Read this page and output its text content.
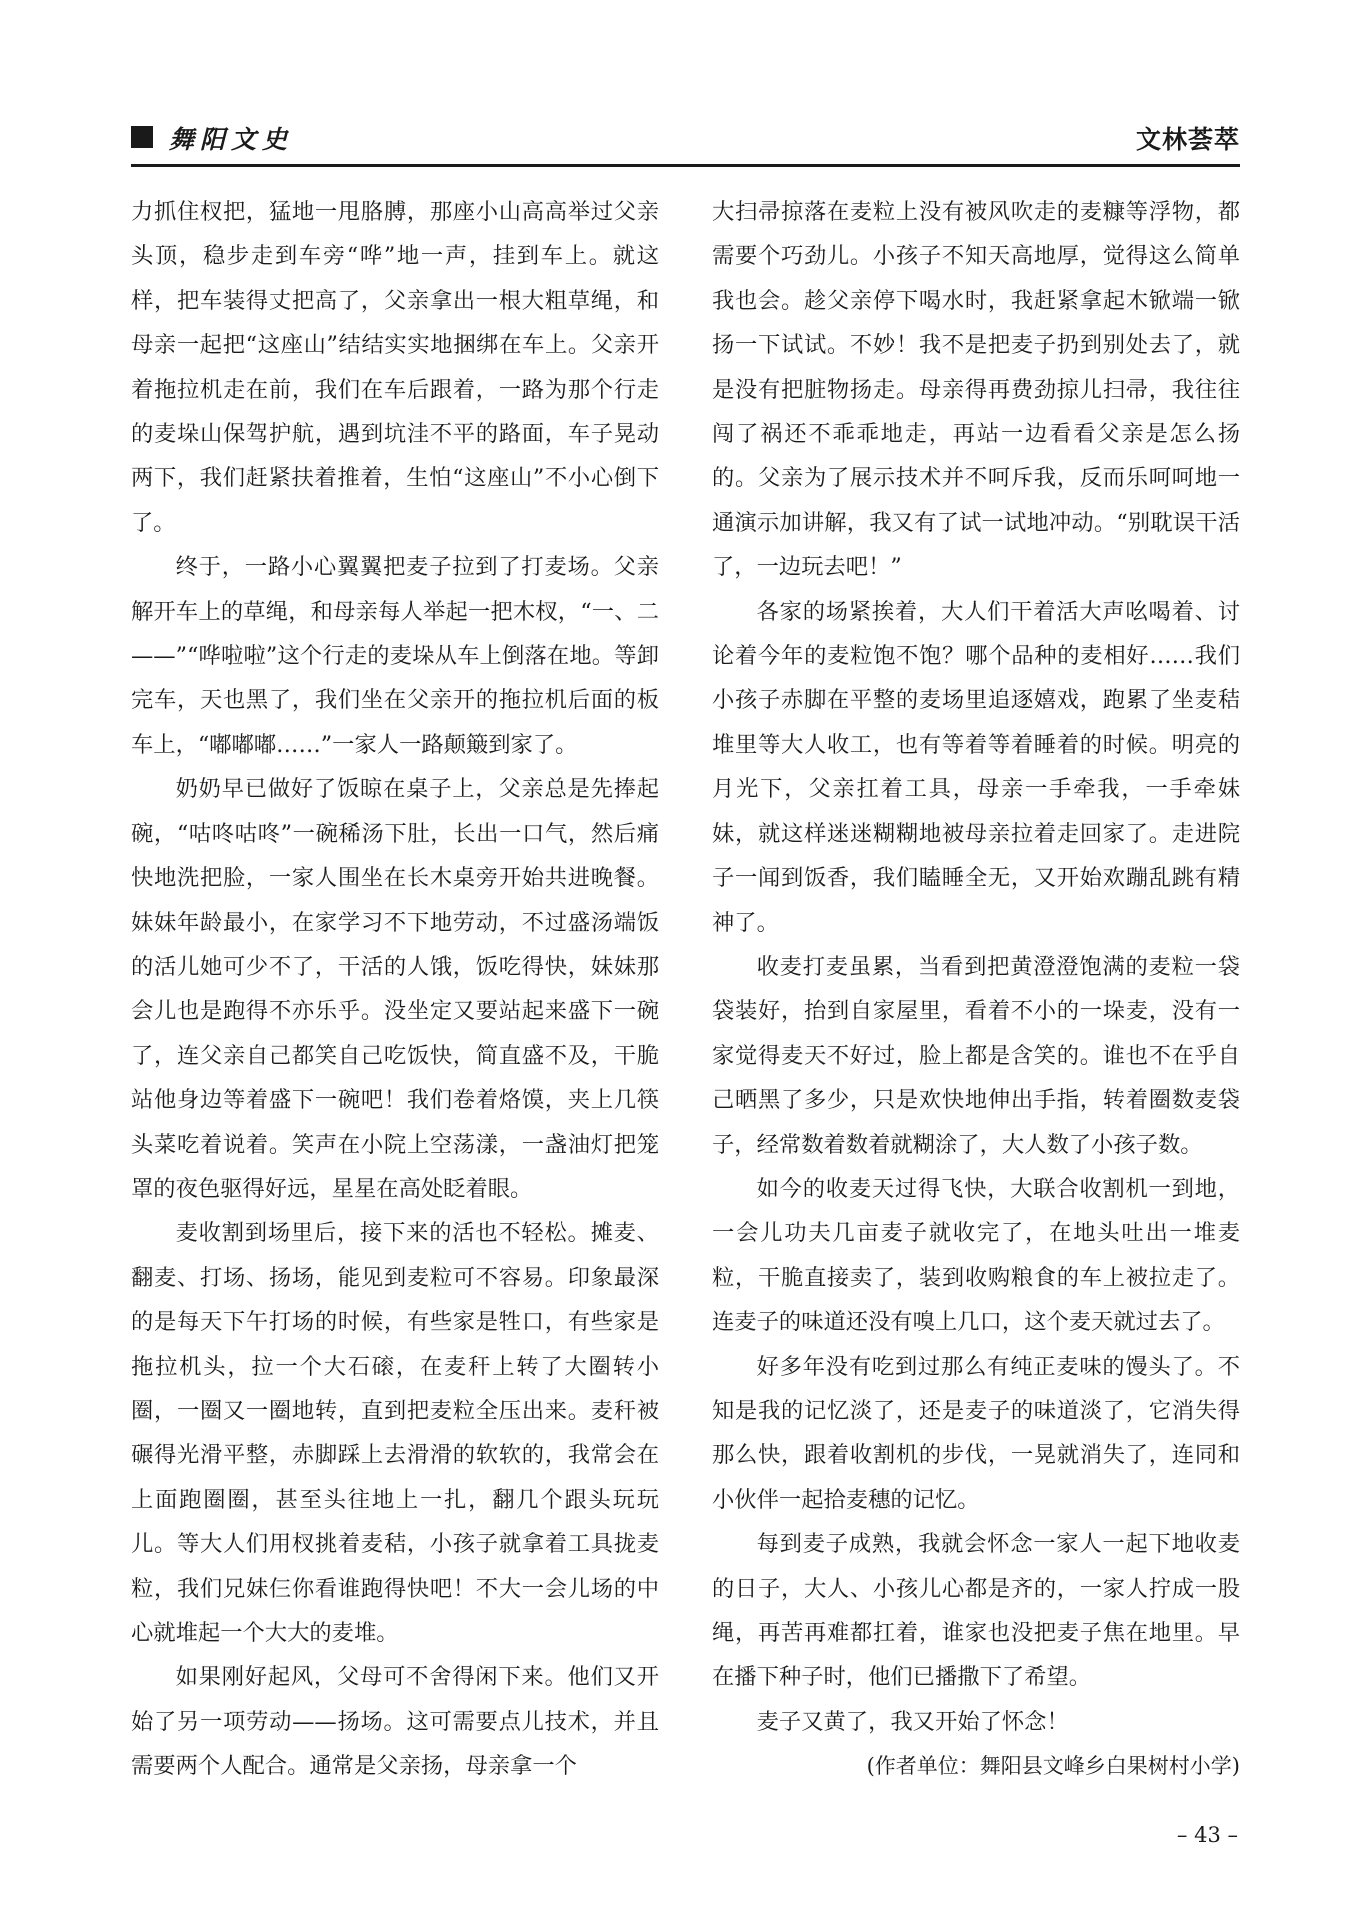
舞阳文史	文林荟萃

力抓住杈把，猛地一甩胳膊，那座小山高高举过父亲头顶，稳步走到车旁“哗”地一声，挂到车上。就这样，把车装得丈把高了，父亲拿出一根大粗草绳，和母亲一起把“这座山”结结实实地捆绑在车上。父亲开着拖拉机走在前，我们在车后跟着，一路为那个行走的麦垛山保驾护航，遇到坑洼不平的路面，车子晃动两下，我们赶紧扶着推着，生怕“这座山”不小心倒下了。

终于，一路小心翼翼把麦子拉到了打麦场。父亲解开车上的草绳，和母亲每人举起一把木杈，“一、二——”“哗啦啦”这个行走的麦垛从车上倒落在地。等卸完车，天也黑了，我们坐在父亲开的拖拉机后面的板车上，“嘟嘟嘟……”一家人一路颠簸到家了。

奶奶早已做好了饭晾在桌子上，父亲总是先捧起碗，“咕咚咕咚”一碗稀汤下肚，长出一口气，然后痛快地洗把脸，一家人围坐在长木桌旁开始共进晚餐。妹妹年龄最小，在家学习不下地劳动，不过盛汤端饭的活儿她可少不了，干活的人饿，饭吃得快，妹妹那会儿也是跑得不亦乐乎。没坐定又要站起来盛下一碗了，连父亲自己都笑自己吃饭快，简直盛不及，干脆站他身边等着盛下一碗吧！我们卷着烙馍，夹上几筷头菜吃着说着。笑声在小院上空荡漾，一盏油灯把笼罩的夜色驱得好远，星星在高处眨着眼。

麦收割到场里后，接下来的活也不轻松。摊麦、翻麦、打场、扬场，能见到麦粒可不容易。印象最深的是每天下午打场的时候，有些家是牲口，有些家是拖拉机头，拉一个大石磙，在麦秆上转了大圈转小圈，一圈又一圈地转，直到把麦粒全压出来。麦秆被碾得光滑平整，赤脚踩上去滑滑的软软的，我常会在上面跑圈圈，甚至头往地上一扎，翻几个跟头玩玩儿。等大人们用杈挑着麦秸，小孩子就拿着工具拢麦粒，我们兄妹仨你看谁跑得快吧！不大一会儿场的中心就堆起一个大大的麦堆。

如果刚好起风，父母可不舍得闲下来。他们又开始了另一项劳动——扬场。这可需要点儿技术，并且需要两个人配合。通常是父亲扬，母亲拿一个

大扫帚掠落在麦粒上没有被风吹走的麦糠等浮物，都需要个巧劲儿。小孩子不知天高地厚，觉得这么简单我也会。趁父亲停下喝水时，我赶紧拿起木锨端一锨扬一下试试。不妙！我不是把麦子扔到别处去了，就是没有把脏物扬走。母亲得再费劲掠儿扫帚，我往往闯了祸还不乖乖地走，再站一边看看父亲是怎么扬的。父亲为了展示技术并不呵斥我，反而乐呵呵地一通演示加讲解，我又有了试一试地冲动。“别耽误干活了，一边玩去吧！”

各家的场紧挨着，大人们干着活大声吆喝着、讨论着今年的麦粒饱不饱？哪个品种的麦相好……我们小孩子赤脚在平整的麦场里追逐嬉戏，跑累了坐麦秸堆里等大人收工，也有等着等着睡着的时候。明亮的月光下，父亲扛着工具，母亲一手牵我，一手牵妹妹，就这样迷迷糊糊地被母亲拉着走回家了。走进院子一闻到饭香，我们瞌睡全无，又开始欢蹦乱跳有精神了。

收麦打麦虽累，当看到把黄澄澄饱满的麦粒一袋袋装好，抬到自家屋里，看着不小的一垛麦，没有一家觉得麦天不好过，脸上都是含笑的。谁也不在乎自己晒黑了多少，只是欢快地伸出手指，转着圈数麦袋子，经常数着数着就糊涂了，大人数了小孩子数。

如今的收麦天过得飞快，大联合收割机一到地，一会儿功夫几亩麦子就收完了，在地头吐出一堆麦粒，干脆直接卖了，装到收购粮食的车上被拉走了。连麦子的味道还没有嗅上几口，这个麦天就过去了。

好多年没有吃到过那么有纯正麦味的馒头了。不知是我的记忆淡了，还是麦子的味道淡了，它消失得那么快，跟着收割机的步伐，一晃就消失了，连同和小伙伴一起拾麦穗的记忆。

每到麦子成熟，我就会怀念一家人一起下地收麦的日子，大人、小孩儿心都是齐的，一家人拧成一股绳，再苦再难都扛着，谁家也没把麦子焦在地里。早在播下种子时，他们已播撒下了希望。

麦子又黄了，我又开始了怀念！

(作者单位：舞阳县文峰乡白果树村小学)

– 43 –
